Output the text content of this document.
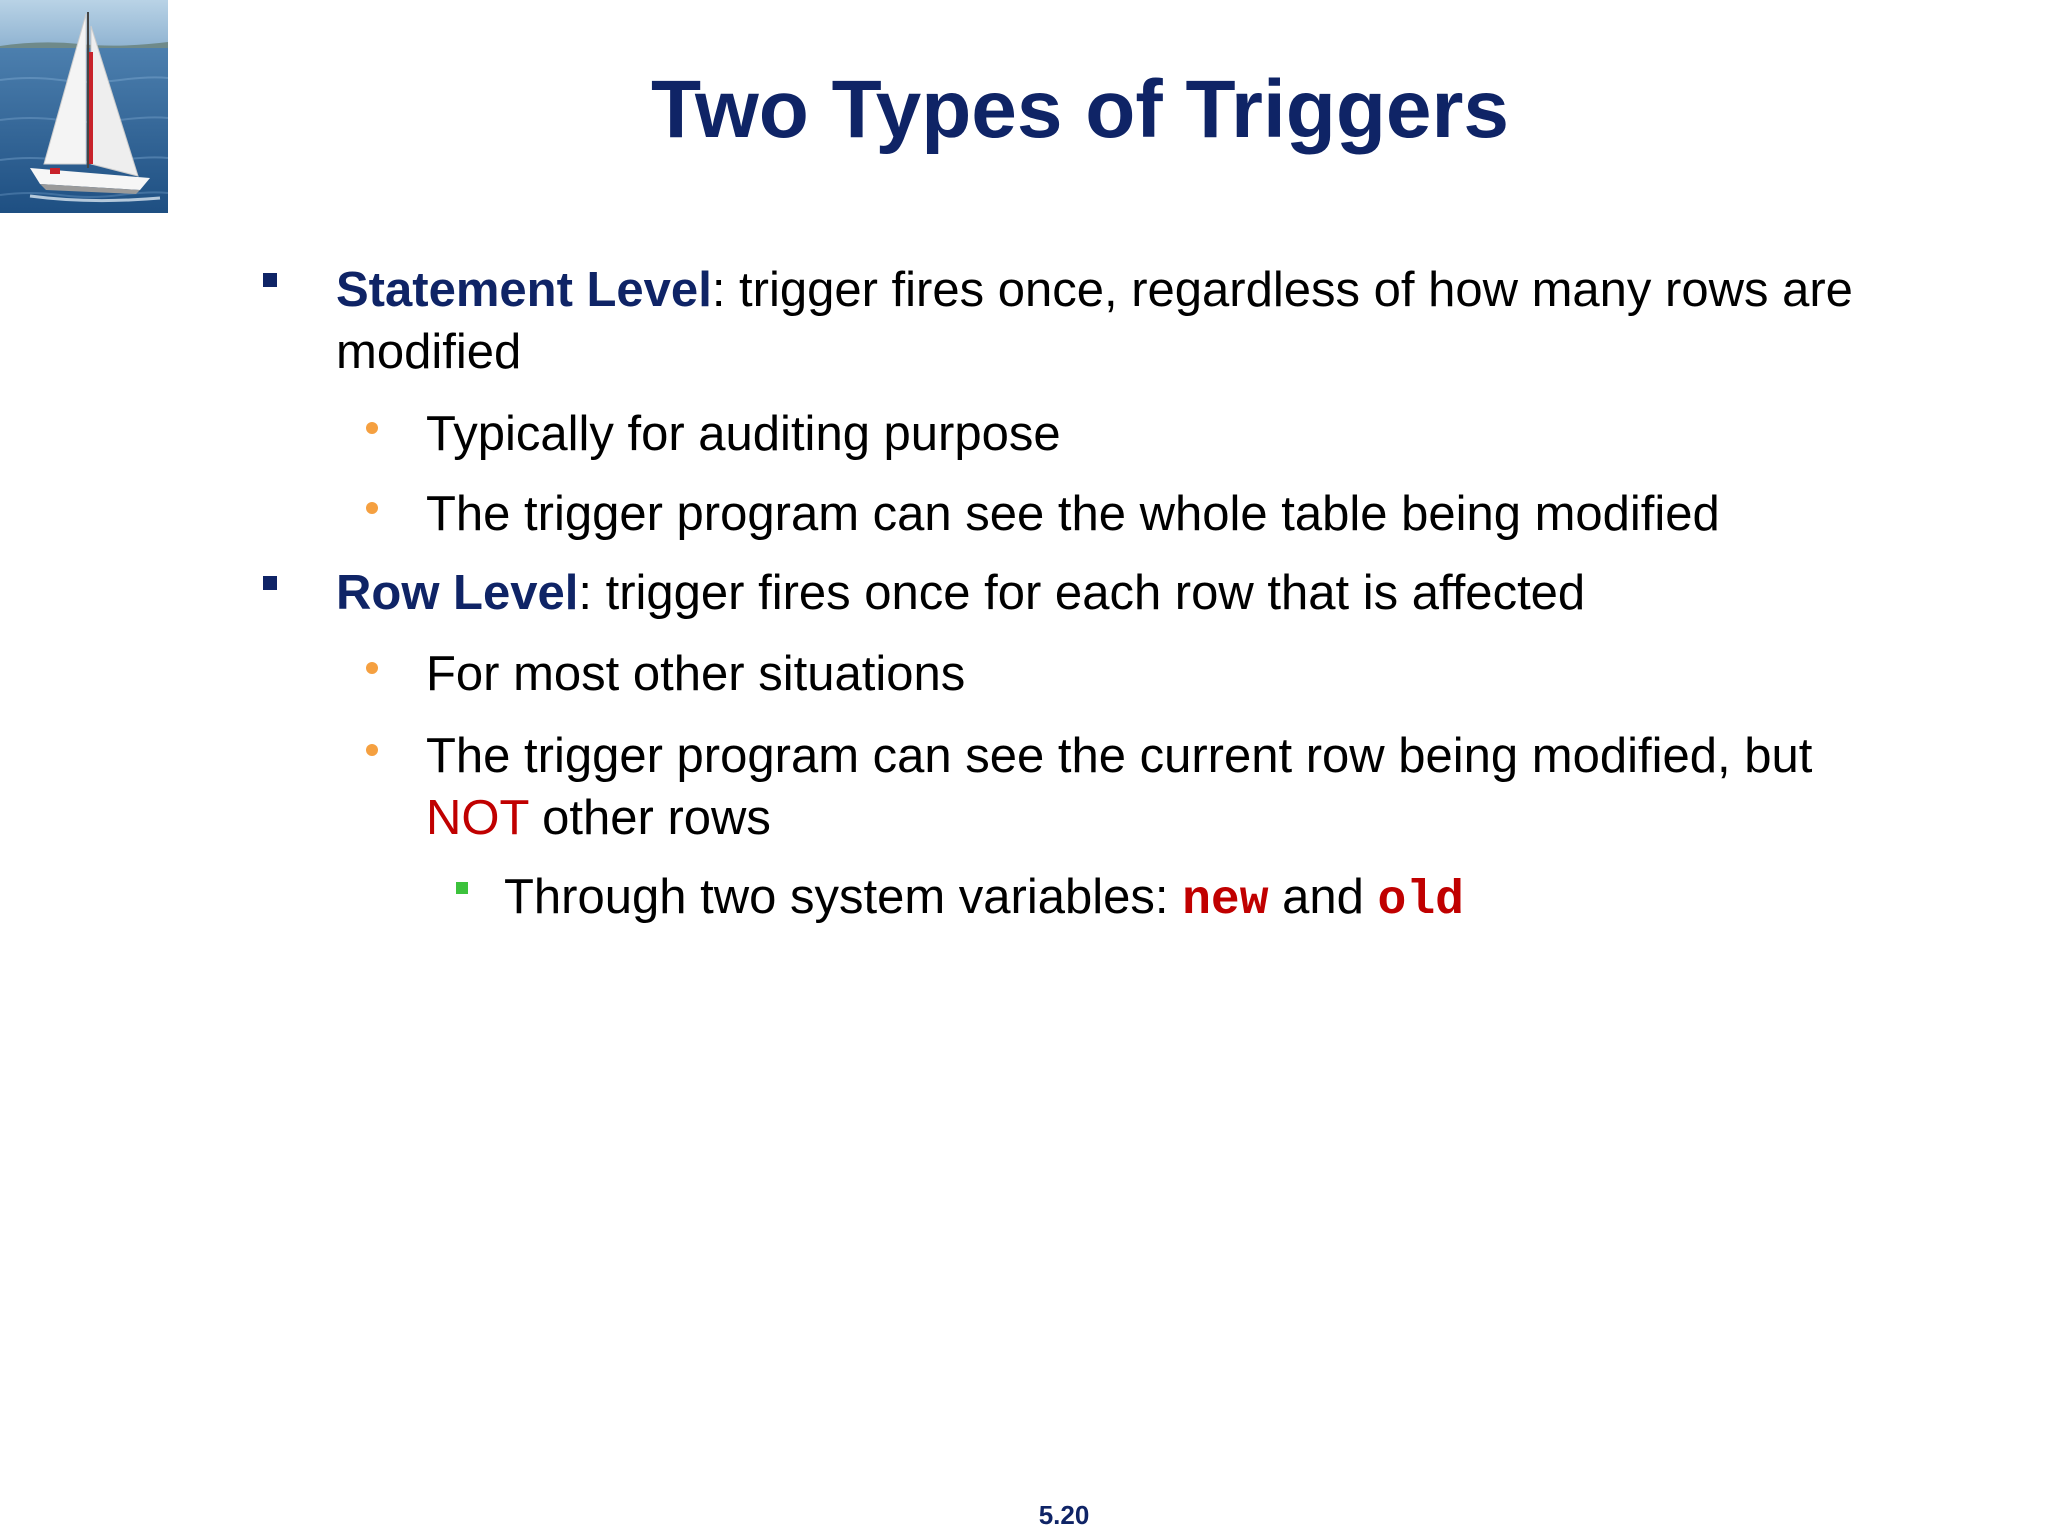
Two Types of Triggers
Statement Level: trigger fires once, regardless of how many rows are modified
Typically for auditing purpose
The trigger program can see the whole table being modified
Row Level: trigger fires once for each row that is affected
For most other situations
The trigger program can see the current row being modified, but NOT other rows
Through two system variables: new and old
5.20
